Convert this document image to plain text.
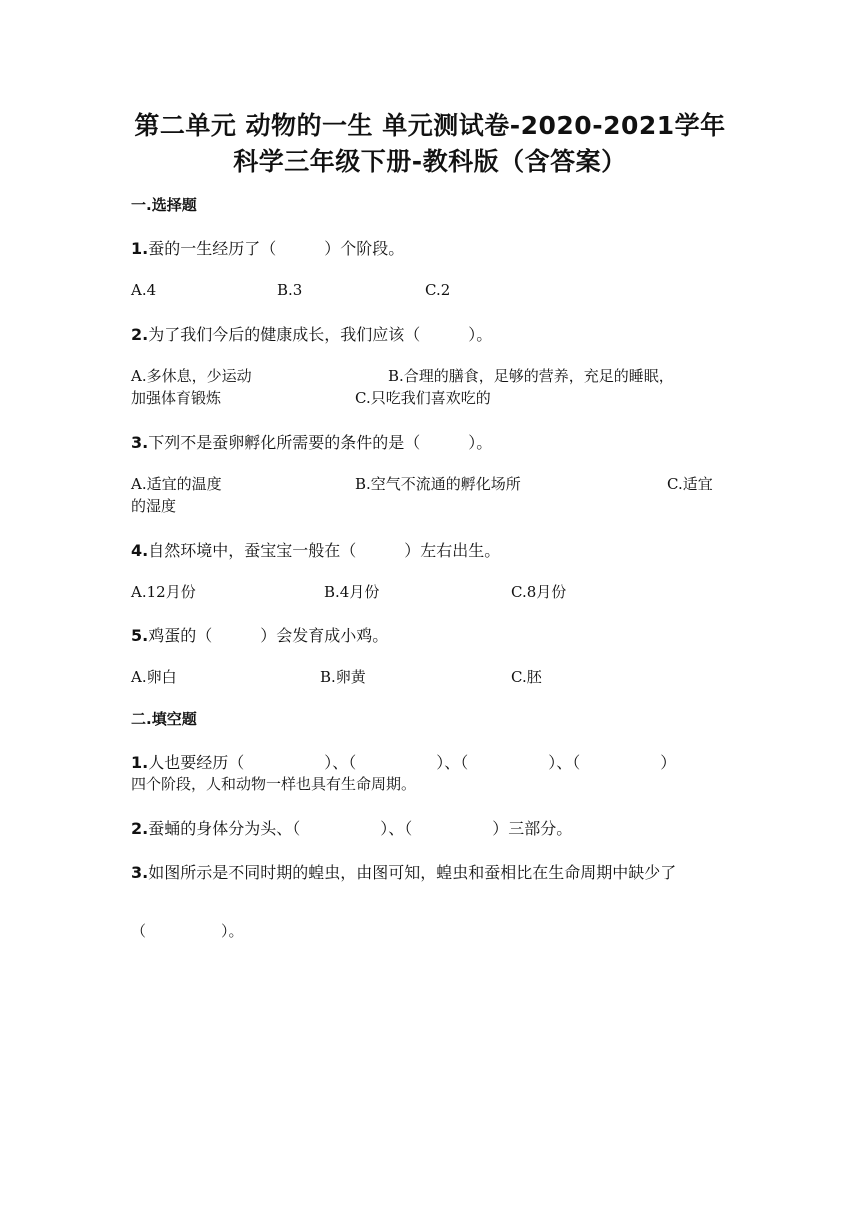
第二单元 动物的一生 单元测试卷-2020-2021学年
科学三年级下册-教科版（含答案）
一.选择题
1.蚕的一生经历了（　　　）个阶段。
A.4	B.3	C.2
2.为了我们今后的健康成长，我们应该（　　　）。
A.多休息，少运动	B.合理的膳食，足够的营养，充足的睡眠，
加强体育锻炼	C.只吃我们喜欢吃的
3.下列不是蚕卵孵化所需要的条件的是（　　　）。
A.适宜的温度	B.空气不流通的孵化场所	C.适宜
的湿度
4.自然环境中，蚕宝宝一般在（　　　）左右出生。
A.12月份	B.4月份	C.8月份
5.鸡蛋的（　　　）会发育成小鸡。
A.卵白	B.卵黄	C.胚
二.填空题
1.人也要经历（　　　　　）、（　　　　　）、（　　　　　）、（　　　　　）
四个阶段，人和动物一样也具有生命周期。
2.蚕蛹的身体分为头、（　　　　　）、（　　　　　）三部分。
3.如图所示是不同时期的蝗虫，由图可知，蝗虫和蚕相比在生命周期中缺少了
（　　　　　）。
